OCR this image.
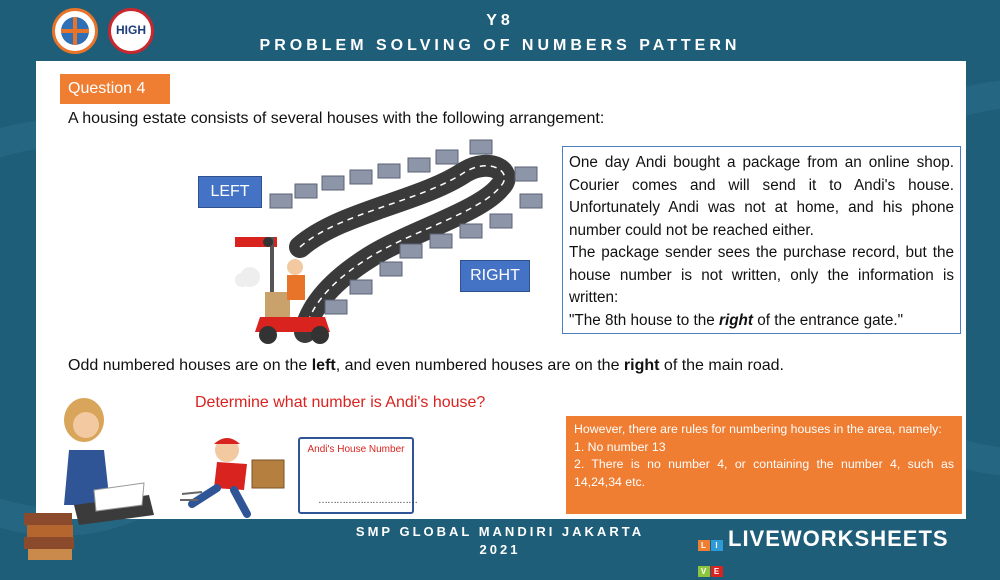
Y8
PROBLEM SOLVING OF NUMBERS PATTERN
HIGH
Question 4
A housing estate consists of several houses with the following arrangement:
LEFT
RIGHT

One day Andi bought a package from an online shop. Courier comes and will send it to Andi's house. Unfortunately Andi was not at home, and his phone number could not be reached either.

The package sender sees the purchase record, but the house number is not written, only the information is written:

"The 8th house to the right of the entrance gate."

Odd numbered houses are on the left, and even numbered houses are on the right of the main road.
Determine what number is Andi's house?
Andi's House Number
……………………………

However, there are rules for numbering houses in the area, namely:

1. No number 13

2. There is no number 4, or containing the number 4, such as 14,24,34 etc.

SMP GLOBAL MANDIRI JAKARTA
2021	L I
V ELIVEWORKSHEETS
